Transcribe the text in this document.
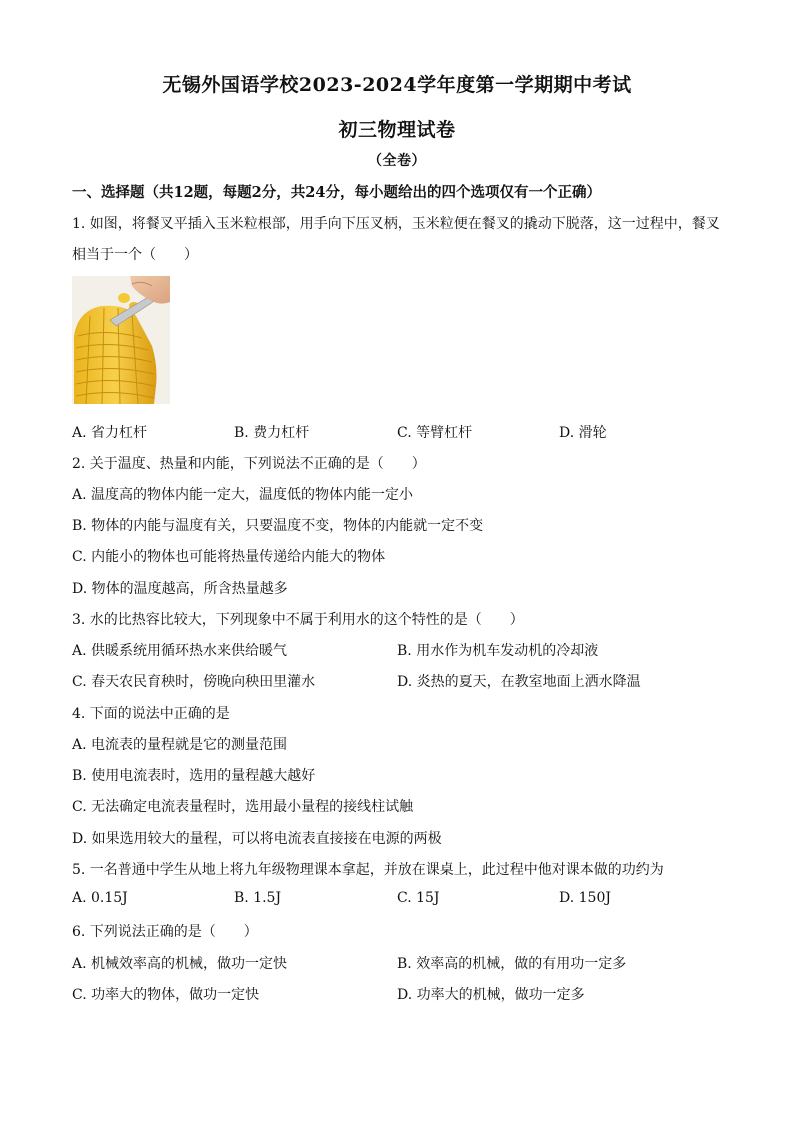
无锡外国语学校2023-2024学年度第一学期期中考试
初三物理试卷
（全卷）
一、选择题（共12题，每题2分，共24分，每小题给出的四个选项仅有一个正确）
1. 如图，将餐叉平插入玉米粒根部，用手向下压叉柄，玉米粒便在餐叉的撬动下脱落，这一过程中，餐叉
相当于一个（　　）
A. 省力杠杆	B. 费力杠杆	C. 等臂杠杆	D. 滑轮
2. 关于温度、热量和内能，下列说法不正确的是（　　）
A. 温度高的物体内能一定大，温度低的物体内能一定小
B. 物体的内能与温度有关，只要温度不变，物体的内能就一定不变
C. 内能小的物体也可能将热量传递给内能大的物体
D. 物体的温度越高，所含热量越多
3. 水的比热容比较大，下列现象中不属于利用水的这个特性的是（　　）
A. 供暖系统用循环热水来供给暖气	B. 用水作为机车发动机的冷却液
C. 春天农民育秧时，傍晚向秧田里灌水	D. 炎热的夏天，在教室地面上洒水降温
4. 下面的说法中正确的是
A. 电流表的量程就是它的测量范围
B. 使用电流表时，选用的量程越大越好
C. 无法确定电流表量程时，选用最小量程的接线柱试触
D. 如果选用较大的量程，可以将电流表直接接在电源的两极
5. 一名普通中学生从地上将九年级物理课本拿起，并放在课桌上，此过程中他对课本做的功约为
A. 0.15J	B. 1.5J	C. 15J	D. 150J
6. 下列说法正确的是（　　）
A. 机械效率高的机械，做功一定快	B. 效率高的机械，做的有用功一定多
C. 功率大的物体，做功一定快	D. 功率大的机械，做功一定多
